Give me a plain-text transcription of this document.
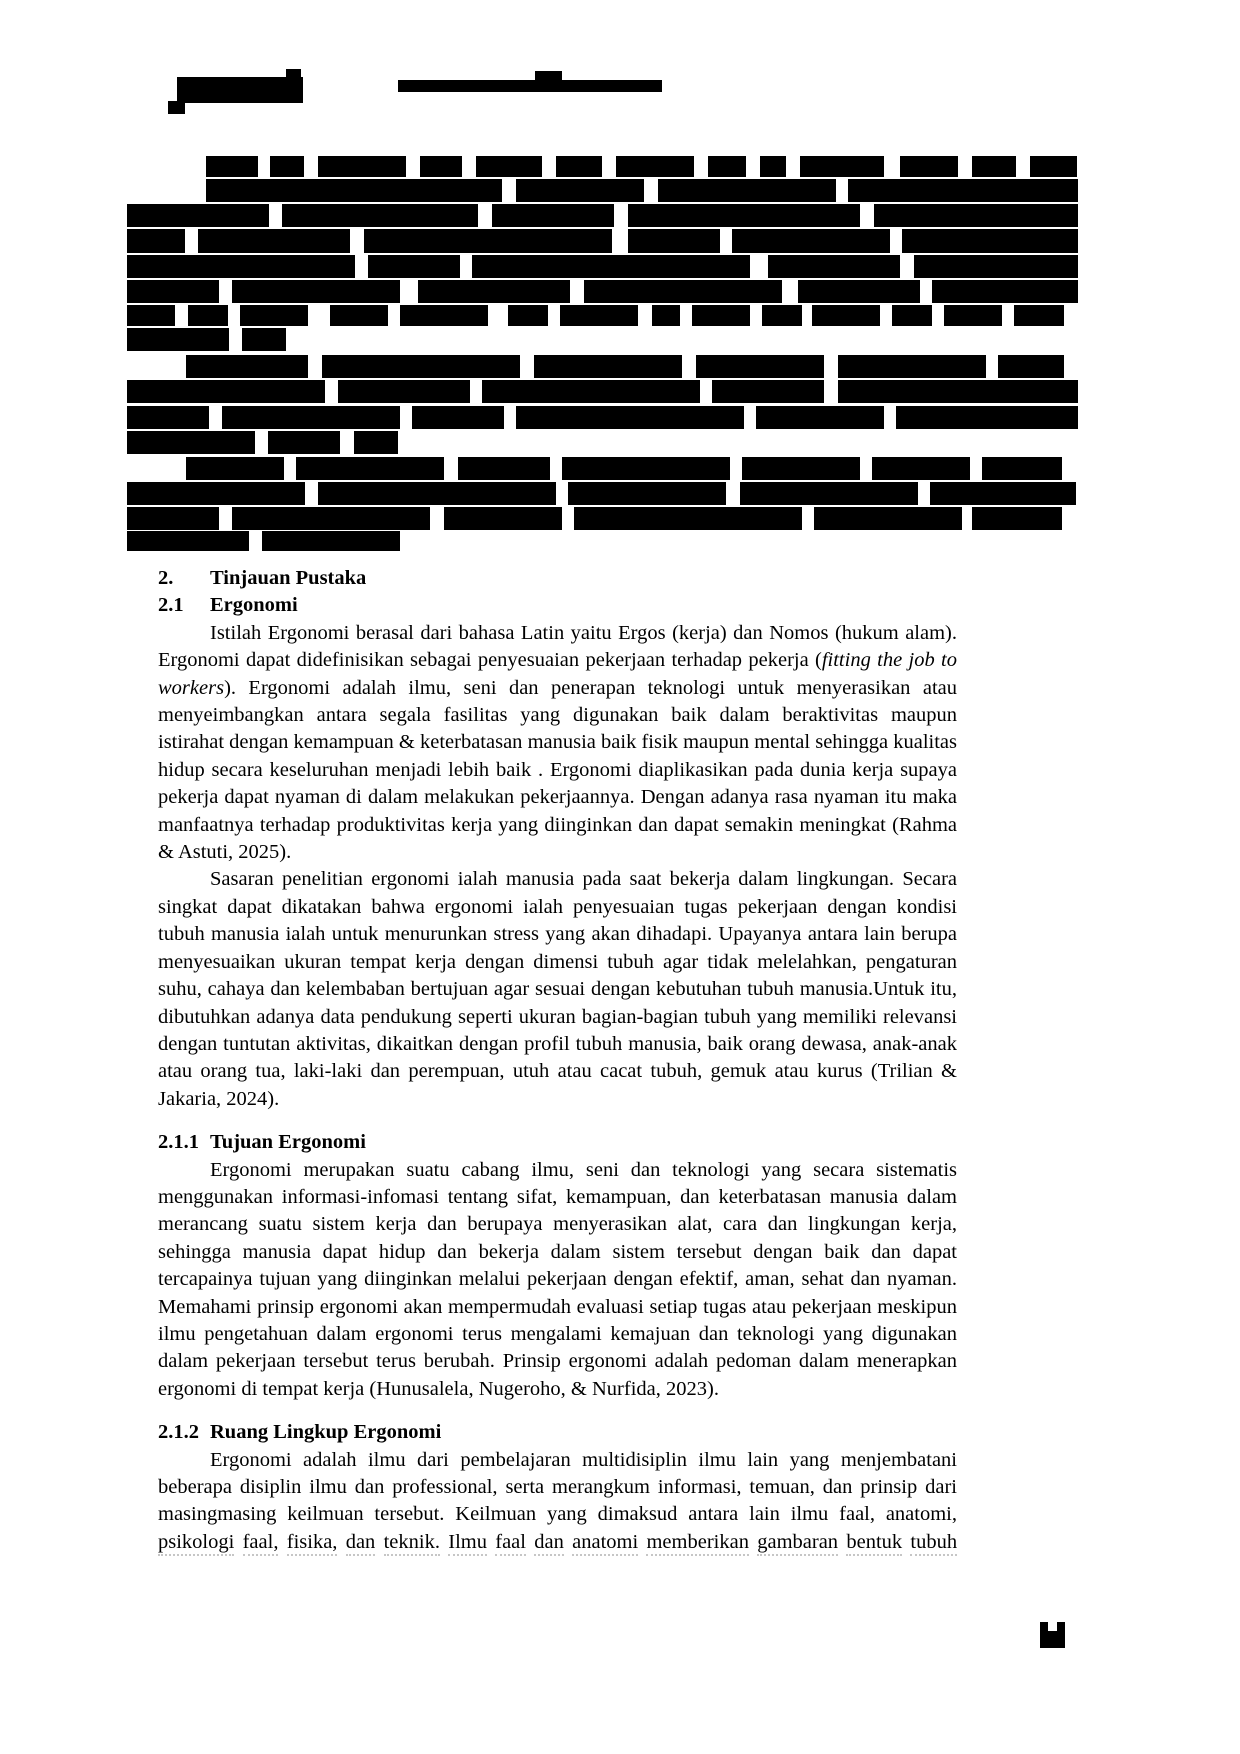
2.	Tinjauan Pustaka
2.1	Ergonomi

Istilah Ergonomi berasal dari bahasa Latin yaitu Ergos (kerja) dan Nomos (hukum alam). Ergonomi dapat didefinisikan sebagai penyesuaian pekerjaan terhadap pekerja (fitting the job to workers). Ergonomi adalah ilmu, seni dan penerapan teknologi untuk menyerasikan atau menyeimbangkan antara segala fasilitas yang digunakan baik dalam beraktivitas maupun istirahat dengan kemampuan & keterbatasan manusia baik fisik maupun mental sehingga kualitas hidup secara keseluruhan menjadi lebih baik . Ergonomi diaplikasikan pada dunia kerja supaya pekerja dapat nyaman di dalam melakukan pekerjaannya. Dengan adanya rasa nyaman itu maka manfaatnya terhadap produktivitas kerja yang diinginkan dan dapat semakin meningkat (Rahma & Astuti, 2025).

Sasaran penelitian ergonomi ialah manusia pada saat bekerja dalam lingkungan. Secara singkat dapat dikatakan bahwa ergonomi ialah penyesuaian tugas pekerjaan dengan kondisi tubuh manusia ialah untuk menurunkan stress yang akan dihadapi. Upayanya antara lain berupa menyesuaikan ukuran tempat kerja dengan dimensi tubuh agar tidak melelahkan, pengaturan suhu, cahaya dan kelembaban bertujuan agar sesuai dengan kebutuhan tubuh manusia.Untuk itu, dibutuhkan adanya data pendukung seperti ukuran bagian-bagian tubuh yang memiliki relevansi dengan tuntutan aktivitas, dikaitkan dengan profil tubuh manusia, baik orang dewasa, anak-anak atau orang tua, laki-laki dan perempuan, utuh atau cacat tubuh, gemuk atau kurus (Trilian & Jakaria, 2024).

2.1.1 Tujuan Ergonomi

Ergonomi merupakan suatu cabang ilmu, seni dan teknologi yang secara sistematis menggunakan informasi-infomasi tentang sifat, kemampuan, dan keterbatasan manusia dalam merancang suatu sistem kerja dan berupaya menyerasikan alat, cara dan lingkungan kerja, sehingga manusia dapat hidup dan bekerja dalam sistem tersebut dengan baik dan dapat tercapainya tujuan yang diinginkan melalui pekerjaan dengan efektif, aman, sehat dan nyaman. Memahami prinsip ergonomi akan mempermudah evaluasi setiap tugas atau pekerjaan meskipun ilmu pengetahuan dalam ergonomi terus mengalami kemajuan dan teknologi yang digunakan dalam pekerjaan tersebut terus berubah. Prinsip ergonomi adalah pedoman dalam menerapkan ergonomi di tempat kerja (Hunusalela, Nugeroho, & Nurfida, 2023).

2.1.2 Ruang Lingkup Ergonomi

Ergonomi adalah ilmu dari pembelajaran multidisiplin ilmu lain yang menjembatani beberapa disiplin ilmu dan professional, serta merangkum informasi, temuan, dan prinsip dari masingmasing keilmuan tersebut. Keilmuan yang dimaksud antara lain ilmu faal, anatomi,

psikologi faal, fisika, dan teknik. Ilmu faal dan anatomi memberikan gambaran bentuk tubuh
